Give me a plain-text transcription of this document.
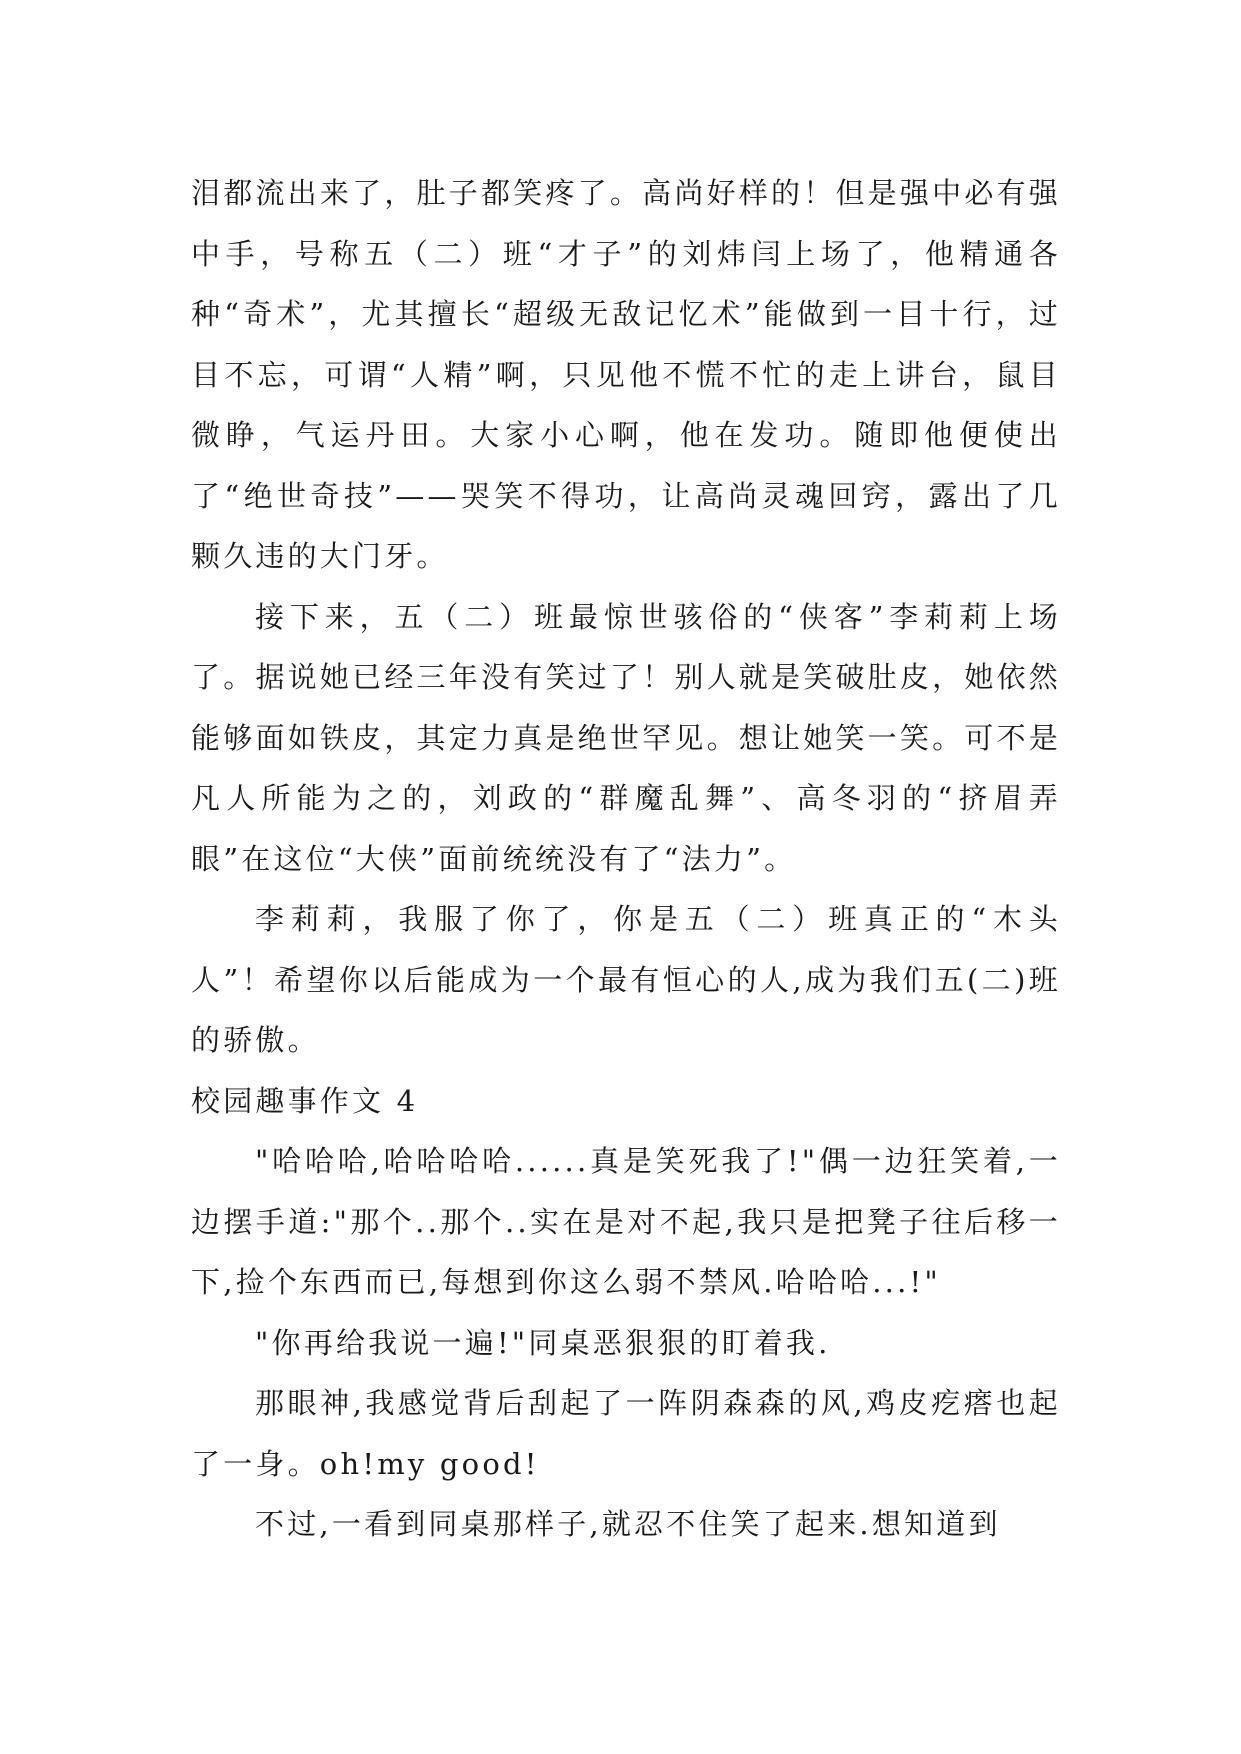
泪都流出来了，肚子都笑疼了。高尚好样的！但是强中必有强中手，号称五（二）班“才子”的刘炜闫上场了，他精通各种“奇术”，尤其擅长“超级无敌记忆术”能做到一目十行，过目不忘，可谓“人精”啊，只见他不慌不忙的走上讲台，鼠目微睁，气运丹田。大家小心啊，他在发功。随即他便使出了“绝世奇技”——哭笑不得功，让高尚灵魂回窍，露出了几颗久违的大门牙。

接下来，五（二）班最惊世骇俗的“侠客”李莉莉上场了。据说她已经三年没有笑过了！别人就是笑破肚皮，她依然能够面如铁皮，其定力真是绝世罕见。想让她笑一笑。可不是凡人所能为之的，刘政的“群魔乱舞”、高冬羽的“挤眉弄眼”在这位“大侠”面前统统没有了“法力”。

李莉莉，我服了你了，你是五（二）班真正的“木头人”！希望你以后能成为一个最有恒心的人,成为我们五(二)班的骄傲。

校园趣事作文 4

"哈哈哈,哈哈哈哈......真是笑死我了!"偶一边狂笑着,一边摆手道:"那个..那个..实在是对不起,我只是把凳子往后移一下,捡个东西而已,每想到你这么弱不禁风.哈哈哈...!"

"你再给我说一遍!"同桌恶狠狠的盯着我.

那眼神,我感觉背后刮起了一阵阴森森的风,鸡皮疙瘩也起了一身。oh!my good!

不过,一看到同桌那样子,就忍不住笑了起来.想知道到
